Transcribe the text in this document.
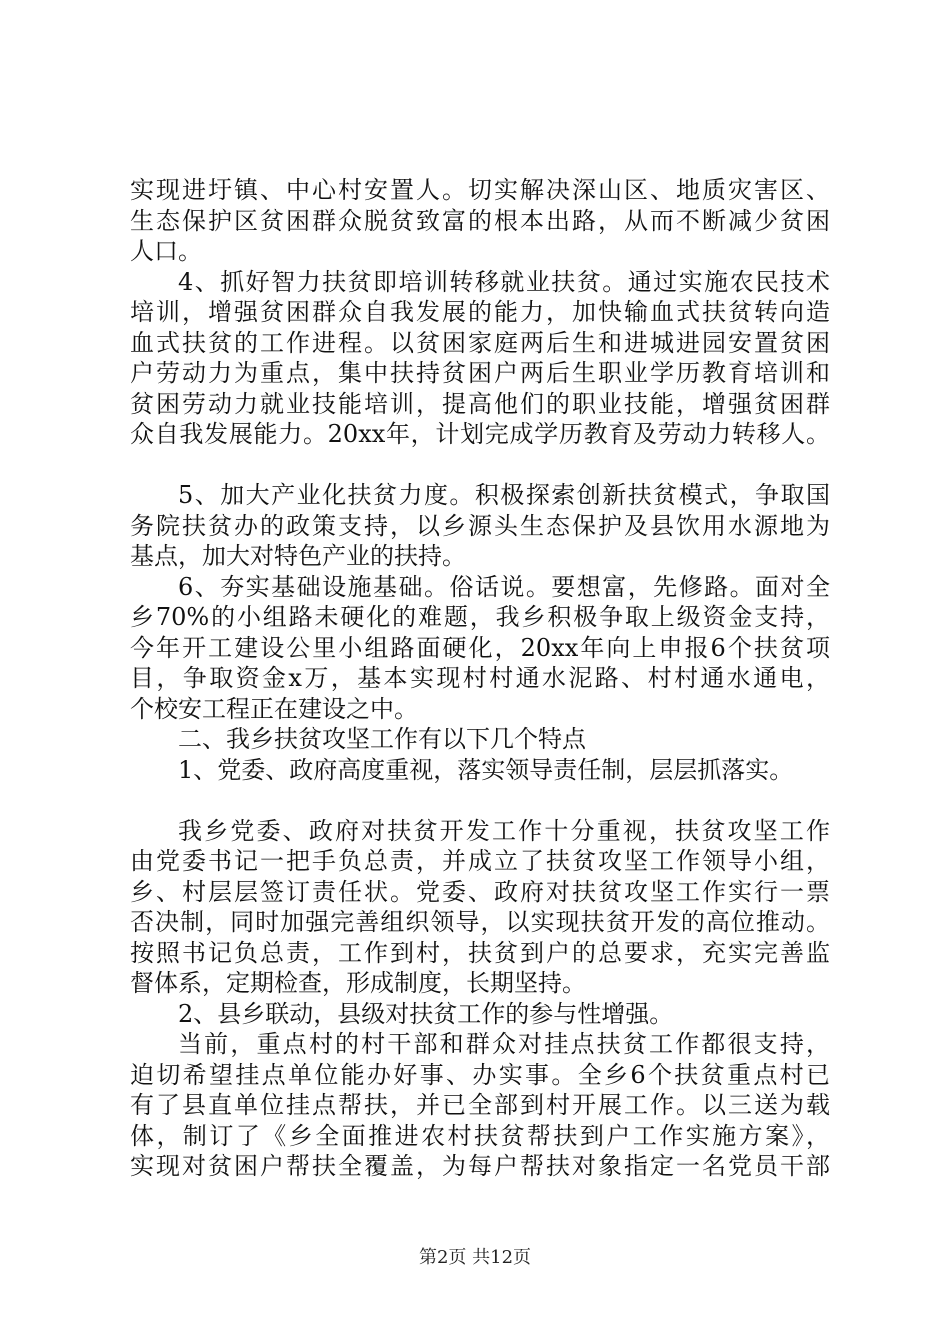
实现进圩镇、中心村安置人。切实解决深山区、地质灾害区、
生态保护区贫困群众脱贫致富的根本出路，从而不断减少贫困
人口。
4、抓好智力扶贫即培训转移就业扶贫。通过实施农民技术
培训，增强贫困群众自我发展的能力，加快输血式扶贫转向造
血式扶贫的工作进程。以贫困家庭两后生和进城进园安置贫困
户劳动力为重点，集中扶持贫困户两后生职业学历教育培训和
贫困劳动力就业技能培训，提高他们的职业技能，增强贫困群
众自我发展能力。20xx年，计划完成学历教育及劳动力转移人。
5、加大产业化扶贫力度。积极探索创新扶贫模式，争取国
务院扶贫办的政策支持，以乡源头生态保护及县饮用水源地为
基点，加大对特色产业的扶持。
6、夯实基础设施基础。俗话说。要想富，先修路。面对全
乡70%的小组路未硬化的难题，我乡积极争取上级资金支持，
今年开工建设公里小组路面硬化，20xx年向上申报6个扶贫项
目，争取资金x万，基本实现村村通水泥路、村村通水通电，
个校安工程正在建设之中。
二、我乡扶贫攻坚工作有以下几个特点
1、党委、政府高度重视，落实领导责任制，层层抓落实。
我乡党委、政府对扶贫开发工作十分重视，扶贫攻坚工作
由党委书记一把手负总责，并成立了扶贫攻坚工作领导小组，
乡、村层层签订责任状。党委、政府对扶贫攻坚工作实行一票
否决制，同时加强完善组织领导，以实现扶贫开发的高位推动。
按照书记负总责，工作到村，扶贫到户的总要求，充实完善监
督体系，定期检查，形成制度，长期坚持。
2、县乡联动，县级对扶贫工作的参与性增强。
当前，重点村的村干部和群众对挂点扶贫工作都很支持，
迫切希望挂点单位能办好事、办实事。全乡6个扶贫重点村已
有了县直单位挂点帮扶，并已全部到村开展工作。以三送为载
体，制订了《乡全面推进农村扶贫帮扶到户工作实施方案》，
实现对贫困户帮扶全覆盖，为每户帮扶对象指定一名党员干部
第2页 共12页
